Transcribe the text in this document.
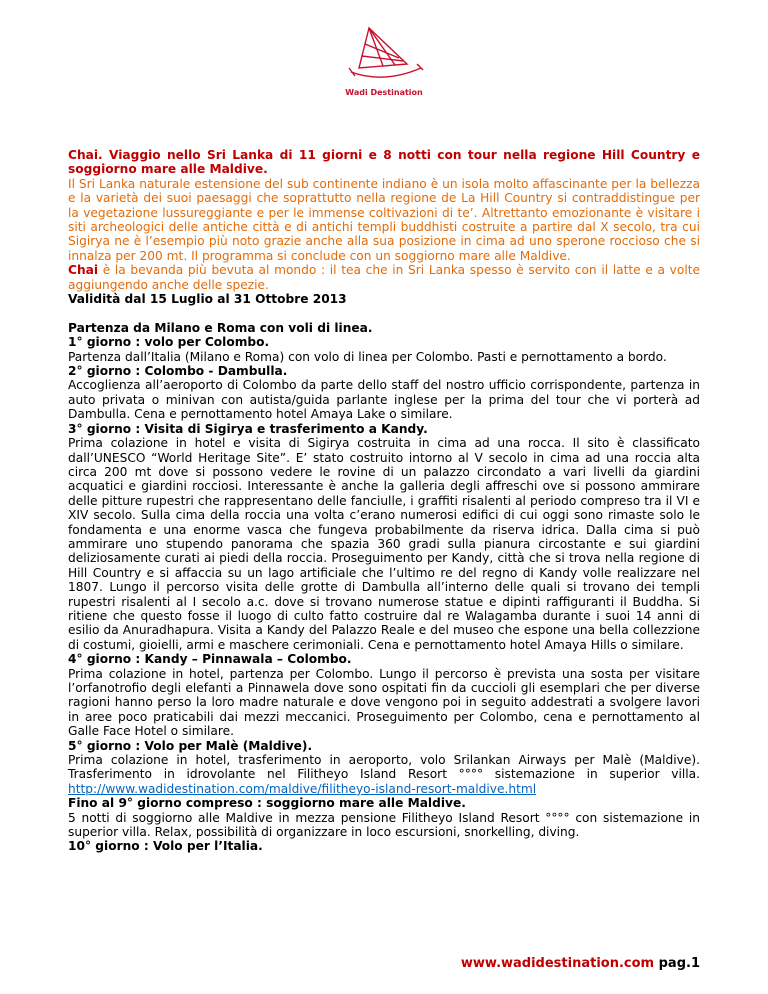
Wadi Destination

Chai. Viaggio nello Sri Lanka di 11 giorni e 8 notti con tour nella regione Hill Country e soggiorno mare alle Maldive.

Il Sri Lanka naturale estensione del sub continente indiano è un isola molto affascinante per la bellezza e la varietà dei suoi paesaggi che soprattutto nella regione de La Hill Country si contraddistingue per la vegetazione lussureggiante e per le immense coltivazioni di te’. Altrettanto emozionante è visitare i siti archeologici delle antiche città e di antichi templi buddhisti costruite a partire dal X secolo, tra cui Sigirya ne è l’esempio più noto grazie anche alla sua posizione in cima ad uno sperone roccioso che si innalza per 200 mt. Il programma si conclude con un soggiorno mare alle Maldive.

Chai è la bevanda più bevuta al mondo : il tea che in Sri Lanka spesso è servito con il latte e a volte aggiungendo anche delle spezie.

Validità dal 15 Luglio al 31 Ottobre 2013

Partenza da Milano e Roma con voli di linea.

1° giorno : volo per Colombo.

Partenza dall’Italia (Milano e Roma) con volo di linea per Colombo. Pasti e pernottamento a bordo.

2° giorno : Colombo - Dambulla.

Accoglienza all’aeroporto di Colombo da parte dello staff del nostro ufficio corrispondente, partenza in auto privata o minivan con autista/guida parlante inglese per la prima del tour che vi porterà ad Dambulla. Cena e pernottamento hotel Amaya Lake o similare.

3° giorno : Visita di Sigirya e trasferimento a Kandy.

Prima colazione in hotel e visita di Sigirya costruita in cima ad una rocca. Il sito è classificato dall’UNESCO “World Heritage Site”. E’ stato costruito intorno al V secolo in cima ad una roccia alta circa 200 mt dove si possono vedere le rovine di un palazzo circondato a vari livelli da giardini acquatici e giardini rocciosi. Interessante è anche la galleria degli affreschi ove si possono ammirare delle pitture rupestri che rappresentano delle fanciulle, i graffiti risalenti al periodo compreso tra il VI e XIV secolo. Sulla cima della roccia una volta c’erano numerosi edifici di cui oggi sono rimaste solo le fondamenta e una enorme vasca che fungeva probabilmente da riserva idrica. Dalla cima si può ammirare uno stupendo panorama che spazia 360 gradi sulla pianura circostante e sui giardini deliziosamente curati ai piedi della roccia. Proseguimento per Kandy, città che si trova nella regione di Hill Country e si affaccia su un lago artificiale che l’ultimo re del regno di Kandy volle realizzare nel 1807. Lungo il percorso visita delle grotte di Dambulla all’interno delle quali si trovano dei templi rupestri risalenti al I secolo a.c. dove si trovano numerose statue e dipinti raffiguranti il Buddha. Si ritiene che questo fosse il luogo di culto fatto costruire dal re Walagamba durante i suoi 14 anni di esilio da Anuradhapura. Visita a Kandy del Palazzo Reale e del museo che espone una bella collezzione di costumi, gioielli, armi e maschere cerimoniali. Cena e pernottamento hotel Amaya Hills o similare.

4° giorno : Kandy – Pinnawala – Colombo.

Prima colazione in hotel, partenza per Colombo. Lungo il percorso è prevista una sosta per visitare l’orfanotrofio degli elefanti a Pinnawela dove sono ospitati fin da cuccioli gli esemplari che per diverse ragioni hanno perso la loro madre naturale e dove vengono poi in seguito addestrati a svolgere lavori in aree poco praticabili dai mezzi meccanici. Proseguimento per Colombo, cena e pernottamento al Galle Face Hotel o similare.

5° giorno : Volo per Malè (Maldive).

Prima colazione in hotel, trasferimento in aeroporto, volo Srilankan Airways per Malè (Maldive). Trasferimento in idrovolante nel Filitheyo Island Resort °°°° sistemazione in superior villa. http://www.wadidestination.com/maldive/filitheyo-island-resort-maldive.html

Fino al 9° giorno compreso : soggiorno mare alle Maldive.

5 notti di soggiorno alle Maldive in mezza pensione Filitheyo Island Resort °°°° con sistemazione in superior villa. Relax, possibilità di organizzare in loco escursioni, snorkelling, diving.

10° giorno : Volo per l’Italia.

www.wadidestination.com pag.1
